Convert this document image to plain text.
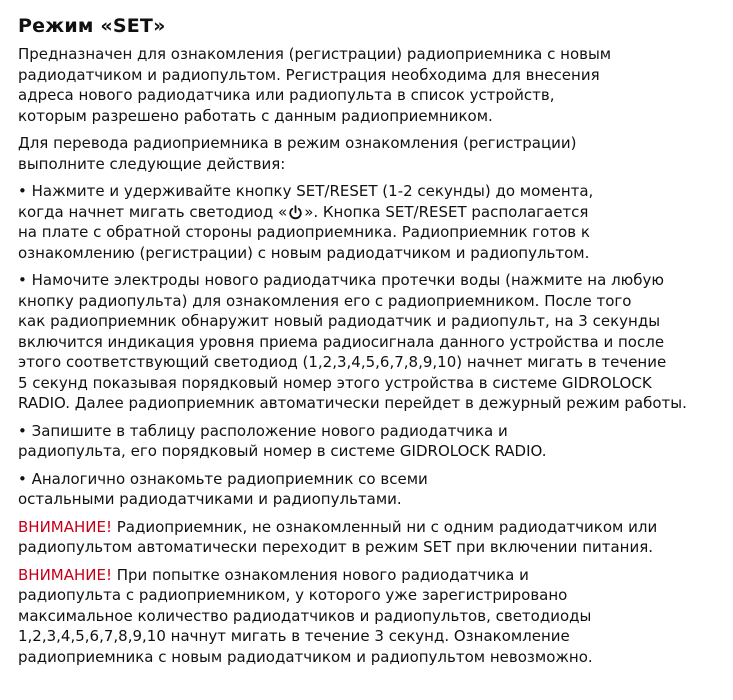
Режим «SET»

Предназначен для ознакомления (регистрации) радиоприемника с новым
радиодатчиком и радиопультом. Регистрация необходима для внесения
адреса нового радиодатчика или радиопульта в список устройств,
которым разрешено работать с данным радиоприемником.

Для перевода радиоприемника в режим ознакомления (регистрации)
выполните следующие действия:

• Нажмите и удерживайте кнопку SET/RESET (1-2 секунды) до момента,
когда начнет мигать светодиод « ». Кнопка SET/RESET располагается
на плате с обратной стороны радиоприемника. Радиоприемник готов к
ознакомлению (регистрации) с новым радиодатчиком и радиопультом.

• Намочите электроды нового радиодатчика протечки воды (нажмите на любую
кнопку радиопульта) для ознакомления его с радиоприемником. После того
как радиоприемник обнаружит новый радиодатчик и радиопульт, на 3 секунды
включится индикация уровня приема радиосигнала данного устройства и после
этого соответствующий светодиод (1,2,3,4,5,6,7,8,9,10) начнет мигать в течение
5 секунд показывая порядковый номер этого устройства в системе GIDROLOCK
RADIO. Далее радиоприемник автоматически перейдет в дежурный режим работы.

• Запишите в таблицу расположение нового радиодатчика и
радиопульта, его порядковый номер в системе GIDROLOCK RADIO.

• Аналогично ознакомьте радиоприемник со всеми
остальными радиодатчиками и радиопультами.

ВНИМАНИЕ! Радиоприемник, не ознакомленный ни с одним радиодатчиком или
радиопультом автоматически переходит в режим SET при включении питания.

ВНИМАНИЕ! При попытке ознакомления нового радиодатчика и
радиопульта с радиоприемником, у которого уже зарегистрировано
максимальное количество радиодатчиков и радиопультов, светодиоды
1,2,3,4,5,6,7,8,9,10 начнут мигать в течение 3 секунд. Ознакомление
радиоприемника с новым радиодатчиком и радиопультом невозможно.
